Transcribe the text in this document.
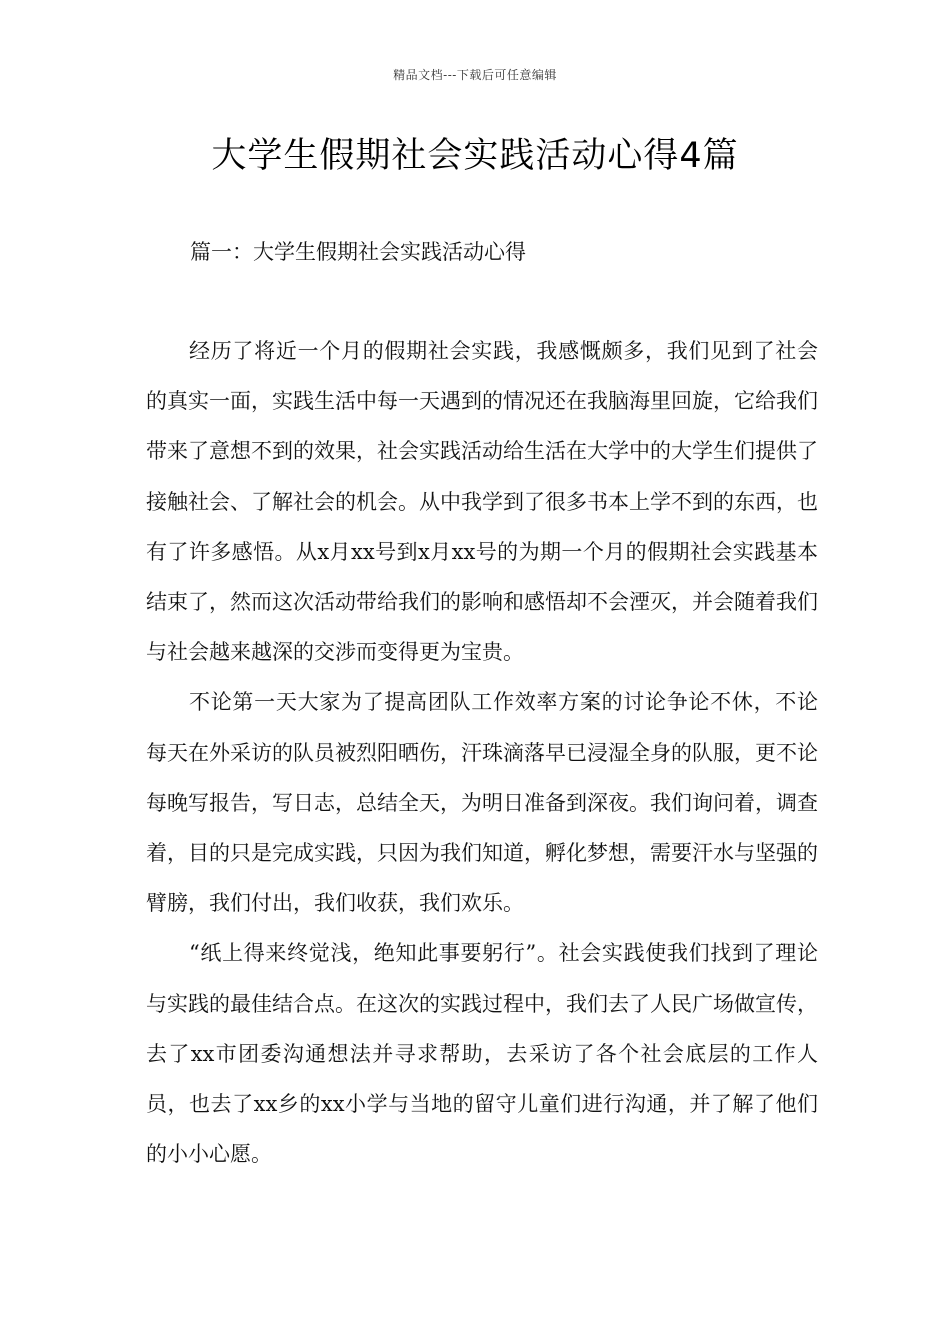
精品文档---下载后可任意编辑
大学生假期社会实践活动心得4篇
篇一：大学生假期社会实践活动心得

经历了将近一个月的假期社会实践，我感慨颇多，我们见到了社会的真实一面，实践生活中每一天遇到的情况还在我脑海里回旋，它给我们带来了意想不到的效果，社会实践活动给生活在大学中的大学生们提供了接触社会、了解社会的机会。从中我学到了很多书本上学不到的东西，也有了许多感悟。从x月xx号到x月xx号的为期一个月的假期社会实践基本结束了，然而这次活动带给我们的影响和感悟却不会湮灭，并会随着我们与社会越来越深的交涉而变得更为宝贵。

不论第一天大家为了提高团队工作效率方案的讨论争论不休，不论每天在外采访的队员被烈阳晒伤，汗珠滴落早已浸湿全身的队服，更不论每晚写报告，写日志，总结全天，为明日准备到深夜。我们询问着，调查着，目的只是完成实践，只因为我们知道，孵化梦想，需要汗水与坚强的臂膀，我们付出，我们收获，我们欢乐。

“纸上得来终觉浅，绝知此事要躬行”。社会实践使我们找到了理论与实践的最佳结合点。在这次的实践过程中，我们去了人民广场做宣传，去了xx市团委沟通想法并寻求帮助，去采访了各个社会底层的工作人员，也去了xx乡的xx小学与当地的留守儿童们进行沟通，并了解了他们的小小心愿。
